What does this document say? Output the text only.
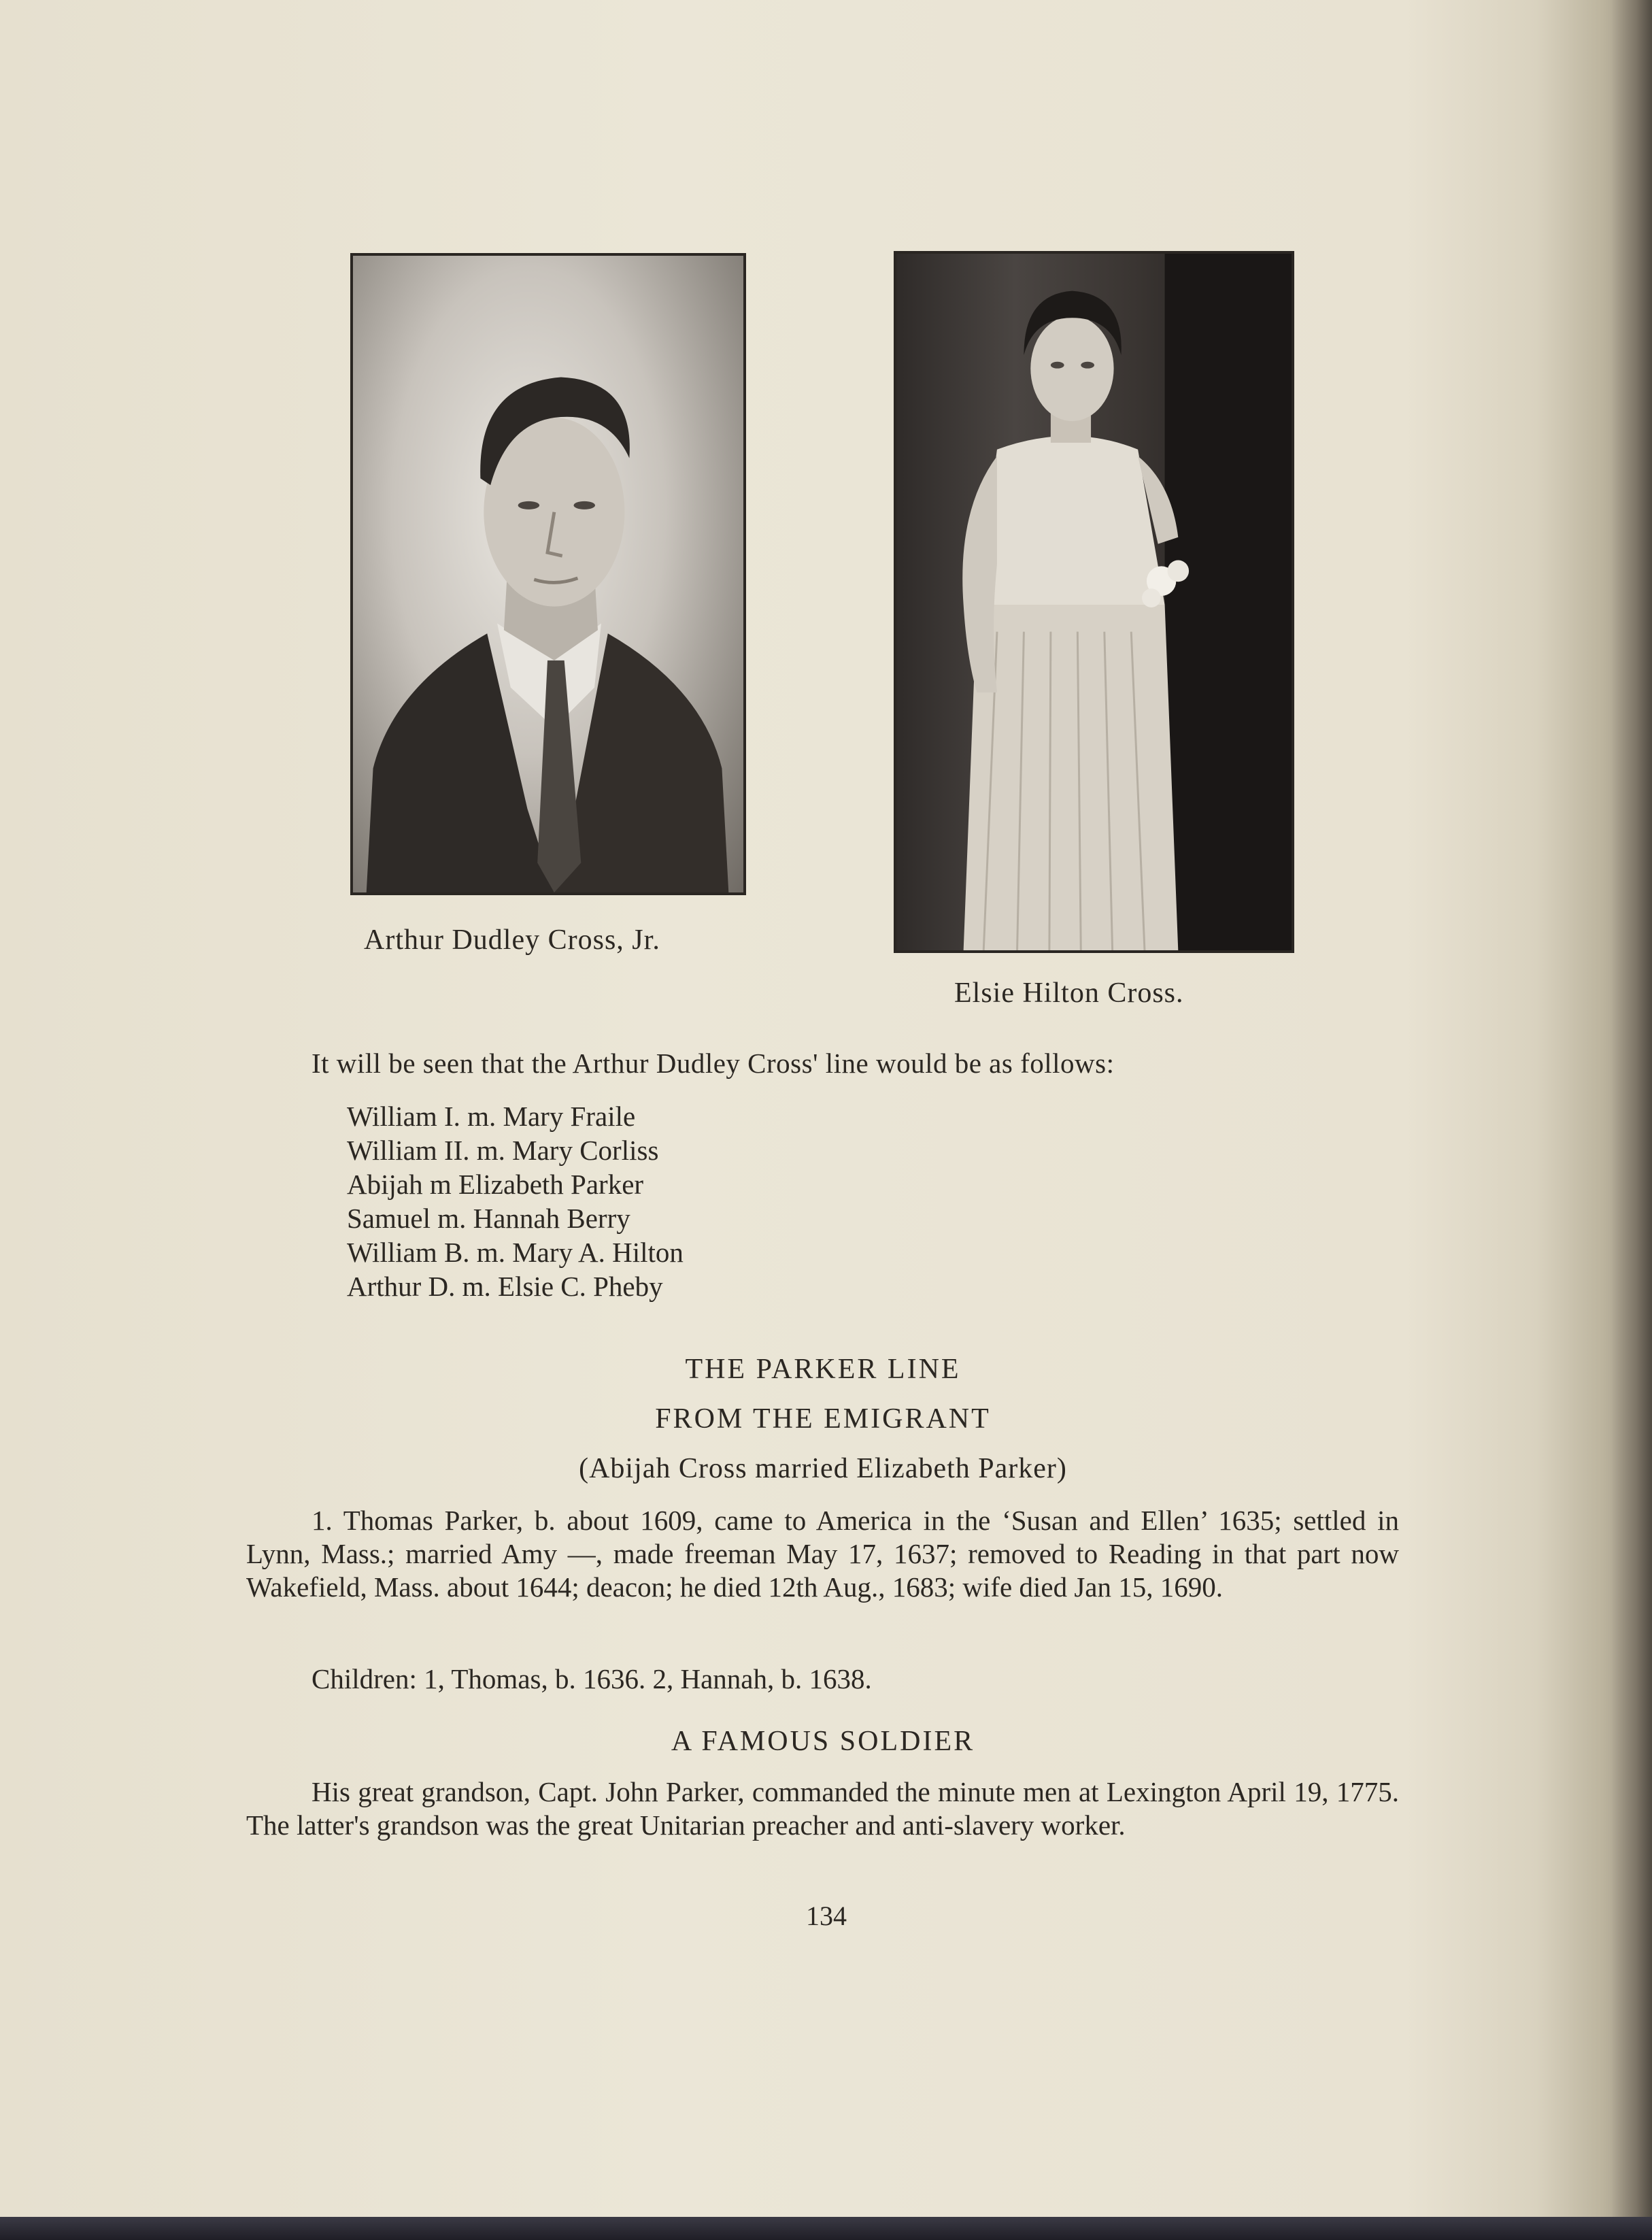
Arthur Dudley Cross, Jr.
Elsie Hilton Cross.
It will be seen that the Arthur Dudley Cross' line would be as follows:
William I. m. Mary Fraile
William II. m. Mary Corliss
Abijah m Elizabeth Parker
Samuel m. Hannah Berry
William B. m. Mary A. Hilton
Arthur D. m. Elsie C. Pheby
THE PARKER LINE
FROM THE EMIGRANT
(Abijah Cross married Elizabeth Parker)
1. Thomas Parker, b. about 1609, came to America in the ‘Susan and Ellen’ 1635; settled in Lynn, Mass.; married Amy —, made freeman May 17, 1637; removed to Reading in that part now Wakefield, Mass. about 1644; deacon; he died 12th Aug., 1683; wife died Jan 15, 1690.
Children: 1, Thomas, b. 1636. 2, Hannah, b. 1638.
A FAMOUS SOLDIER
His great grandson, Capt. John Parker, commanded the minute men at Lexington April 19, 1775. The latter's grandson was the great Unitarian preacher and anti-slavery worker.
134
